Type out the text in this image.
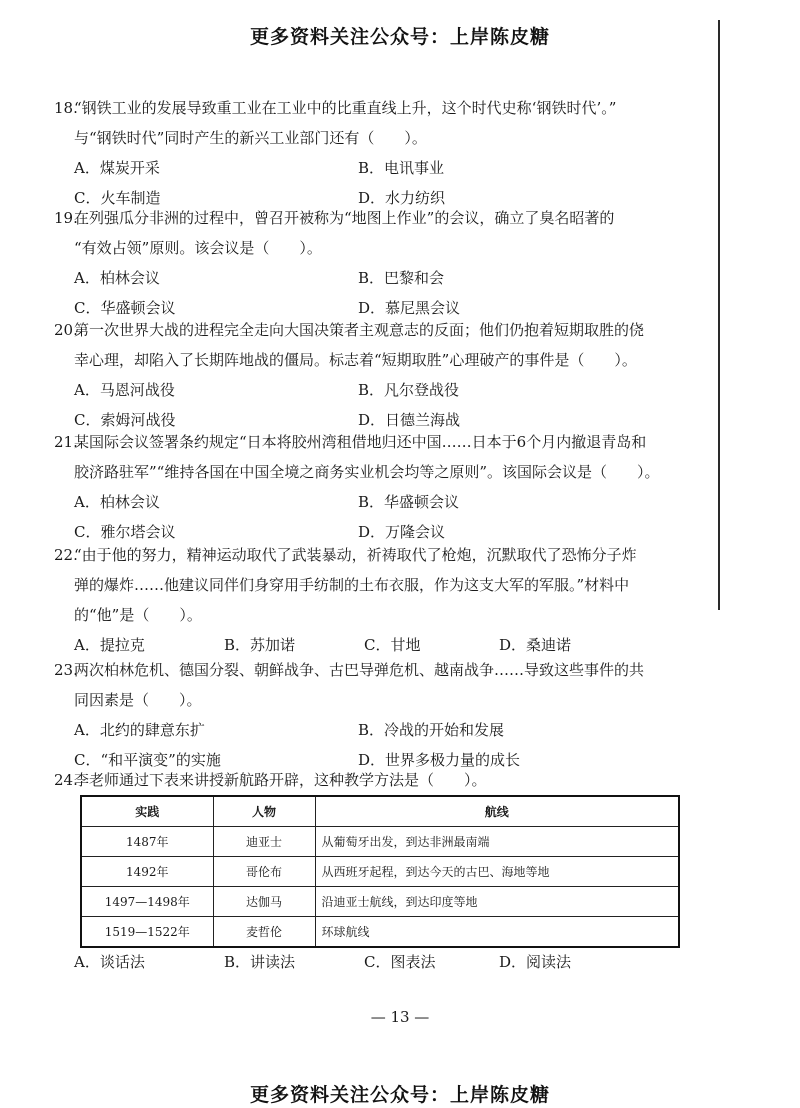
更多资料关注公众号：上岸陈皮糖

18.“钢铁工业的发展导致重工业在工业中的比重直线上升，这个时代史称‘钢铁时代’。”

与“钢铁时代”同时产生的新兴工业部门还有（　　）。

A．煤炭开采	B．电讯事业
C．火车制造	D．水力纺织

19.在列强瓜分非洲的过程中，曾召开被称为“地图上作业”的会议，确立了臭名昭著的

“有效占领”原则。该会议是（　　）。

A．柏林会议	B．巴黎和会
C．华盛顿会议	D．慕尼黑会议

20.第一次世界大战的进程完全走向大国决策者主观意志的反面；他们仍抱着短期取胜的侥

幸心理，却陷入了长期阵地战的僵局。标志着“短期取胜”心理破产的事件是（　　）。

A．马恩河战役	B．凡尔登战役
C．索姆河战役	D．日德兰海战

21.某国际会议签署条约规定“日本将胶州湾租借地归还中国……日本于6个月内撤退青岛和

胶济路驻军”“维持各国在中国全境之商务实业机会均等之原则”。该国际会议是（　　）。

A．柏林会议	B．华盛顿会议
C．雅尔塔会议	D．万隆会议

22.“由于他的努力，精神运动取代了武装暴动，祈祷取代了枪炮，沉默取代了恐怖分子炸

弹的爆炸……他建议同伴们身穿用手纺制的土布衣服，作为这支大军的军服。”材料中

的“他”是（　　）。

A．提拉克	B．苏加诺	C．甘地	D．桑迪诺

23.两次柏林危机、德国分裂、朝鲜战争、古巴导弹危机、越南战争……导致这些事件的共

同因素是（　　）。

A．北约的肆意东扩	B．冷战的开始和发展
C．“和平演变”的实施	D．世界多极力量的成长

24.李老师通过下表来讲授新航路开辟，这种教学方法是（　　）。

实践	人物	航线
1487年	迪亚士	从葡萄牙出发，到达非洲最南端
1492年	哥伦布	从西班牙起程，到达今天的古巴、海地等地
1497—1498年	达伽马	沿迪亚士航线，到达印度等地
1519—1522年	麦哲伦	环球航线
A．谈话法	B．讲读法	C．图表法	D．阅读法
— 13 —
更多资料关注公众号：上岸陈皮糖
